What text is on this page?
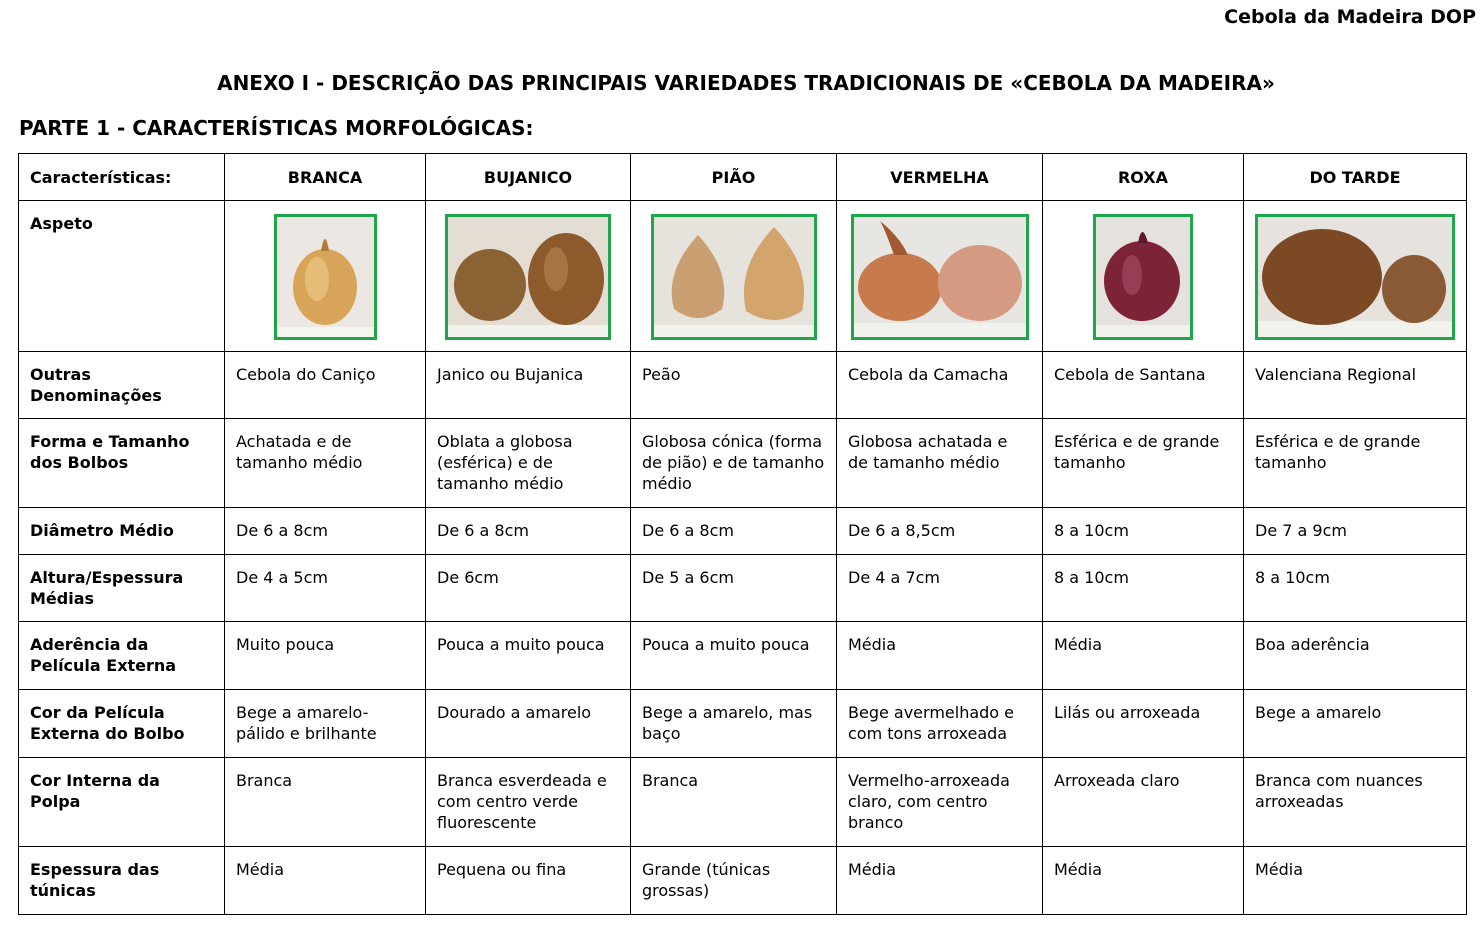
Cebola da Madeira DOP
ANEXO I - DESCRIÇÃO DAS PRINCIPAIS VARIEDADES TRADICIONAIS DE «CEBOLA DA MADEIRA»
PARTE 1 - CARACTERÍSTICAS MORFOLÓGICAS:
Características:	BRANCA	BUJANICO	PIÃO	VERMELHA	ROXA	DO TARDE
Aspeto	

Outras Denominações	Cebola do Caniço	Janico ou Bujanica	Peão	Cebola da Camacha	Cebola de Santana	Valenciana Regional
Forma e Tamanho dos Bolbos	Achatada e de tamanho médio	Oblata a globosa (esférica) e de tamanho médio	Globosa cónica (forma de pião) e de tamanho médio	Globosa achatada e de tamanho médio	Esférica e de grande tamanho	Esférica e de grande tamanho
Diâmetro Médio	De 6 a 8cm	De 6 a 8cm	De 6 a 8cm	De 6 a 8,5cm	8 a 10cm	De 7 a 9cm
Altura/Espessura Médias	De 4 a 5cm	De 6cm	De 5 a 6cm	De 4 a 7cm	8 a 10cm	8 a 10cm
Aderência da Película Externa	Muito pouca	Pouca a muito pouca	Pouca a muito pouca	Média	Média	Boa aderência
Cor da Película Externa do Bolbo	Bege a amarelo-pálido e brilhante	Dourado a amarelo	Bege a amarelo, mas baço	Bege avermelhado e com tons arroxeada	Lilás ou arroxeada	Bege a amarelo
Cor Interna da Polpa	Branca	Branca esverdeada e com centro verde fluorescente	Branca	Vermelho-arroxeada claro, com centro branco	Arroxeada claro	Branca com nuances arroxeadas
Espessura das túnicas	Média	Pequena ou fina	Grande (túnicas grossas)	Média	Média	Média
